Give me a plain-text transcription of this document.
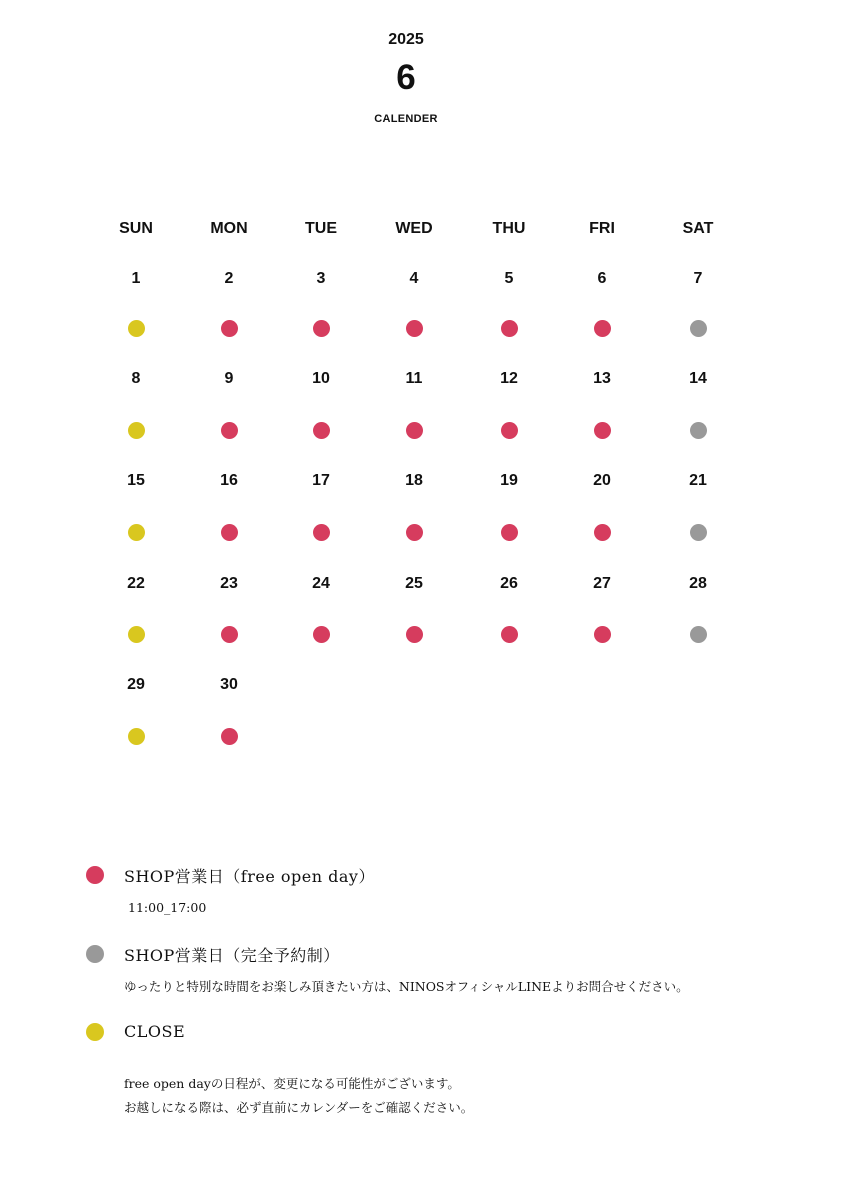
2025
6
CALENDER
SUN	MON	TUE	WED	THU	FRI	SAT
1	2	3	4	5	6	7
8	9	10	11	12	13	14
15	16	17	18	19	20	21
22	23	24	25	26	27	28
29	30
SHOP営業日（free open day）
11:00_17:00
SHOP営業日（完全予約制）
ゆったりと特別な時間をお楽しみ頂きたい方は、NINOSオフィシャルLINEよりお問合せください。
CLOSE
free open dayの日程が、変更になる可能性がございます。
お越しになる際は、必ず直前にカレンダーをご確認ください。
